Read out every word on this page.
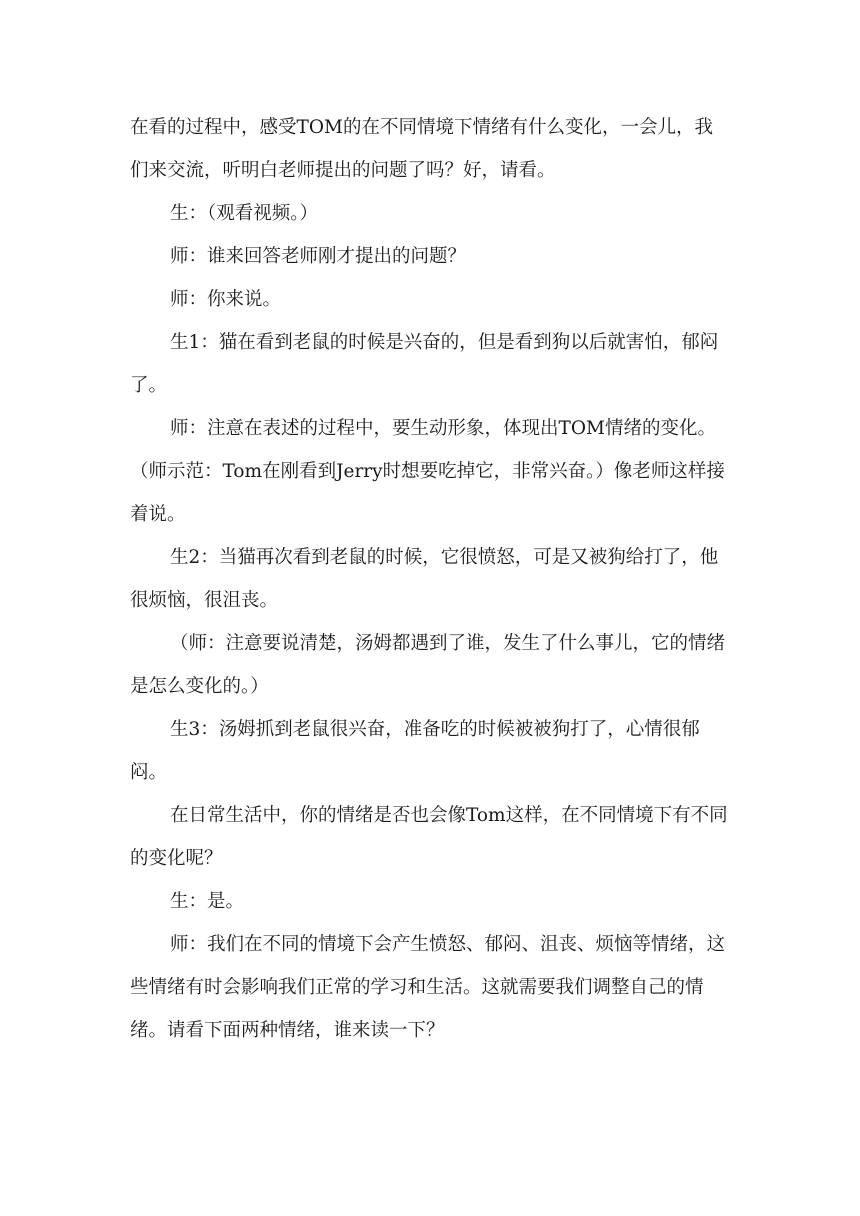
在看的过程中，感受TOM的在不同情境下情绪有什么变化，一会儿，我们来交流，听明白老师提出的问题了吗？好，请看。

生：（观看视频。）

师：谁来回答老师刚才提出的问题？

师：你来说。

生1：猫在看到老鼠的时候是兴奋的，但是看到狗以后就害怕，郁闷了。

师：注意在表述的过程中，要生动形象，体现出TOM情绪的变化。（师示范：Tom在刚看到Jerry时想要吃掉它，非常兴奋。）像老师这样接着说。

生2：当猫再次看到老鼠的时候，它很愤怒，可是又被狗给打了，他很烦恼，很沮丧。

（师：注意要说清楚，汤姆都遇到了谁，发生了什么事儿，它的情绪是怎么变化的。）

生3：汤姆抓到老鼠很兴奋，准备吃的时候被被狗打了，心情很郁闷。

在日常生活中，你的情绪是否也会像Tom这样，在不同情境下有不同的变化呢？

生：是。

师：我们在不同的情境下会产生愤怒、郁闷、沮丧、烦恼等情绪，这些情绪有时会影响我们正常的学习和生活。这就需要我们调整自己的情绪。请看下面两种情绪，谁来读一下？
